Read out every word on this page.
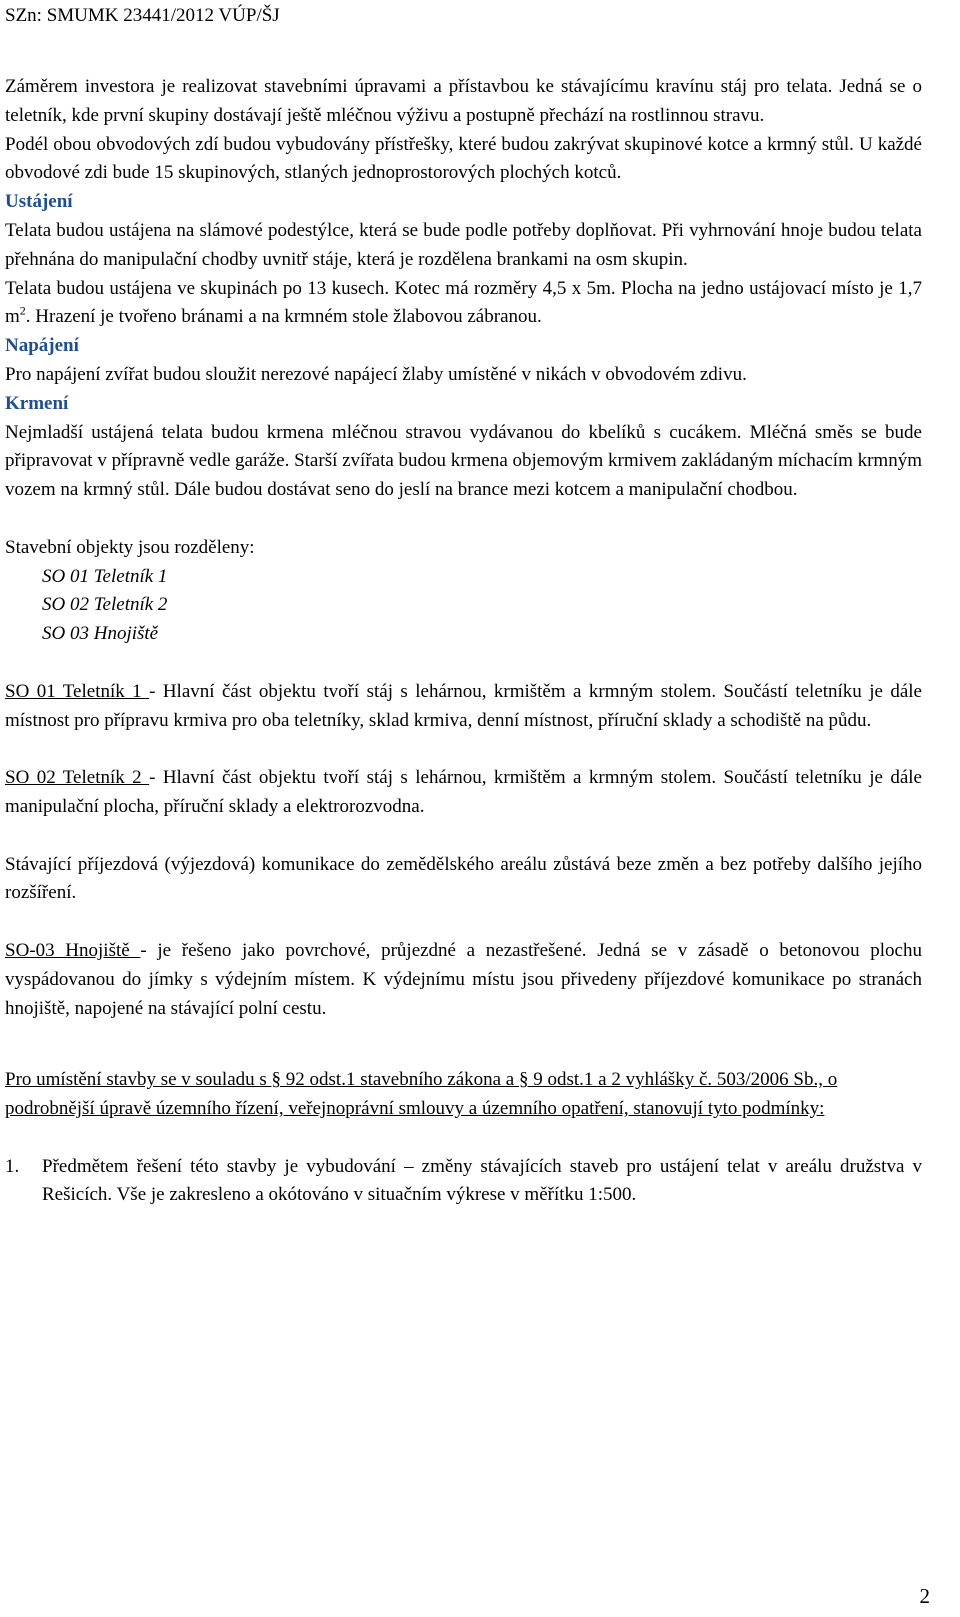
SZn: SMUMK 23441/2012 VÚP/ŠJ

Záměrem investora je realizovat stavebními úpravami a přístavbou ke stávajícímu kravínu stáj pro telata. Jedná se o teletník, kde první skupiny dostávají ještě mléčnou výživu a postupně přechází na rostlinnou stravu.

Podél obou obvodových zdí budou vybudovány přístřešky, které budou zakrývat skupinové kotce a krmný stůl. U každé obvodové zdi bude 15 skupinových, stlaných jednoprostorových plochých kotců.

Ustájení

Telata budou ustájena na slámové podestýlce, která se bude podle potřeby doplňovat. Při vyhrnování hnoje budou telata přehnána do manipulační chodby uvnitř stáje, která je rozdělena brankami na osm skupin.

Telata budou ustájena ve skupinách po 13 kusech. Kotec má rozměry 4,5 x 5m. Plocha na jedno ustájovací místo je 1,7 $m^2$. Hrazení je tvořeno bránami a na krmném stole žlabovou zábranou.

Napájení

Pro napájení zvířat budou sloužit nerezové napájecí žlaby umístěné v nikách v obvodovém zdivu.

Krmení

Nejmladší ustájená telata budou krmena mléčnou stravou vydávanou do kbelíků s cucákem. Mléčná směs se bude připravovat v přípravně vedle garáže. Starší zvířata budou krmena objemovým krmivem zakládaným míchacím krmným vozem na krmný stůl. Dále budou dostávat seno do jeslí na brance mezi kotcem a manipulační chodbou.

Stavební objekty jsou rozděleny:

SO 01 Teletník 1

SO 02 Teletník 2

SO 03 Hnojiště

SO 01 Teletník 1 - Hlavní část objektu tvoří stáj s lehárnou, krmištěm a krmným stolem. Součástí teletníku je dále místnost pro přípravu krmiva pro oba teletníky, sklad krmiva, denní místnost, příruční sklady a schodiště na půdu.

SO 02 Teletník 2 - Hlavní část objektu tvoří stáj s lehárnou, krmištěm a krmným stolem. Součástí teletníku je dále manipulační plocha, příruční sklady a elektrorozvodna.

Stávající příjezdová (výjezdová) komunikace do zemědělského areálu zůstává beze změn a bez potřeby dalšího jejího rozšíření.

SO-03 Hnojiště - je řešeno jako povrchové, průjezdné a nezastřešené. Jedná se v zásadě o betonovou plochu vyspádovanou do jímky s výdejním místem. K výdejnímu místu jsou přivedeny příjezdové komunikace po stranách hnojiště, napojené na stávající polní cestu.

Pro umístění stavby se v souladu s § 92 odst.1 stavebního zákona a § 9 odst.1 a 2 vyhlášky č. 503/2006 Sb., o podrobnější úpravě územního řízení, veřejnoprávní smlouvy a územního opatření, stanovují tyto podmínky:

1. Předmětem řešení této stavby je vybudování – změny stávajících staveb pro ustájení telat v areálu družstva v Rešicích. Vše je zakresleno a okótováno v situačním výkrese v měřítku 1:500.
2
